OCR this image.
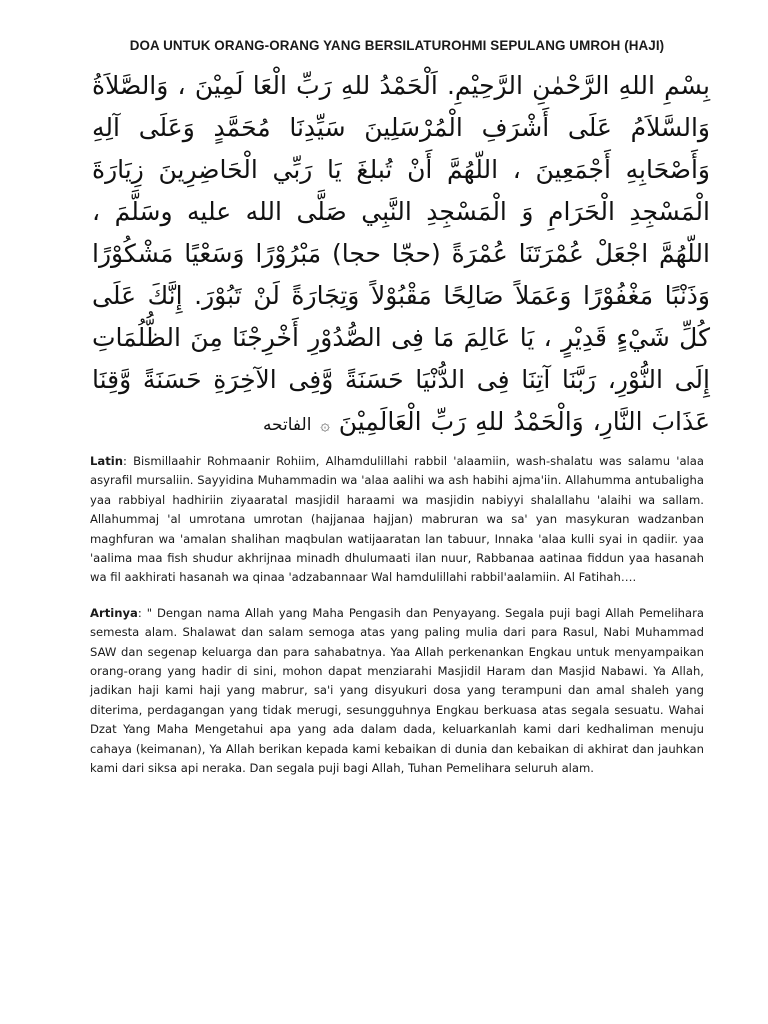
DOA UNTUK ORANG-ORANG YANG BERSILATUROHMI SEPULANG UMROH (HAJI)
بِسْمِ اللهِ الرَّحْمٰنِ الرَّحِيْمِ. اَلْحَمْدُ للهِ رَبِّ الْعَا لَمِيْنَ ، وَالصَّلاَةُ وَالسَّلاَمُ عَلَى أَشْرَفِ الْمُرْسَلِينَ سَيِّدِنَا مُحَمَّدٍ وَعَلَى آلِهِ وَأَصْحَابِهِ أَجْمَعِينَ ، اللّهُمَّ أَنْ تُبلغَ يَا رَبِّي الْحَاضِرِينَ زِيَارَةَ الْمَسْجِدِ الْحَرَامِ وَ الْمَسْجِدِ النَّبِي صَلَّى الله عليه وسَلَّمَ ، اللّهُمَّ اجْعَلْ عُمْرَتَنَا عُمْرَةً (حجّا حجا) مَبْرُوْرًا وَسَعْيًا مَشْكُوْرًا وَذَنْبًا مَغْفُوْرًا وَعَمَلاً صَالِحًا مَقْبُوْلاً وَتِجَارَةً لَنْ تَبُوْرَ. إِنَّكَ عَلَى كُلِّ شَيْءٍ قَدِيْرٍ ، يَا عَالِمَ مَا فِى الصُّدُوْرِ أَخْرِجْنَا مِنَ الظُّلُمَاتِ إِلَى النُّوْرِ، رَبَّنَا آتِنَا فِى الدُّنْيَا حَسَنَةً وَّفِى الآخِرَةِ حَسَنَةً وَّقِنَا عَذَابَ النَّارِ، وَالْحَمْدُ للهِ رَبِّ الْعَالَمِيْنَ ۞ الفاتحه

Latin: Bismillaahir Rohmaanir Rohiim, Alhamdulillahi rabbil 'alaamiin, wash-shalatu was salamu 'alaa asyrafil mursaliin. Sayyidina Muhammadin wa 'alaa aalihi wa ash habihi ajma'iin. Allahumma antubaligha yaa rabbiyal hadhiriin ziyaaratal masjidil haraami wa masjidin nabiyyi shalallahu 'alaihi wa sallam. Allahummaj 'al umrotana umrotan (hajjanaa hajjan) mabruran wa sa' yan masykuran wadzanban maghfuran wa 'amalan shalihan maqbulan watijaaratan lan tabuur, Innaka 'alaa kulli syai in qadiir. yaa 'aalima maa fish shudur akhrijnaa minadh dhulumaati ilan nuur, Rabbanaa aatinaa fiddun yaa hasanah wa fil aakhirati hasanah wa qinaa 'adzabannaar Wal hamdulillahi rabbil'aalamiin. Al Fatihah….

Artinya: " Dengan nama Allah yang Maha Pengasih dan Penyayang. Segala puji bagi Allah Pemelihara semesta alam. Shalawat dan salam semoga atas yang paling mulia dari para Rasul, Nabi Muhammad SAW dan segenap keluarga dan para sahabatnya. Yaa Allah perkenankan Engkau untuk menyampaikan orang-orang yang hadir di sini, mohon dapat menziarahi Masjidil Haram dan Masjid Nabawi. Ya Allah, jadikan haji kami haji yang mabrur, sa'i yang disyukuri dosa yang terampuni dan amal shaleh yang diterima, perdagangan yang tidak merugi, sesungguhnya Engkau berkuasa atas segala sesuatu. Wahai Dzat Yang Maha Mengetahui apa yang ada dalam dada, keluarkanlah kami dari kedhaliman menuju cahaya (keimanan), Ya Allah berikan kepada kami kebaikan di dunia dan kebaikan di akhirat dan jauhkan kami dari siksa api neraka. Dan segala puji bagi Allah, Tuhan Pemelihara seluruh alam.
